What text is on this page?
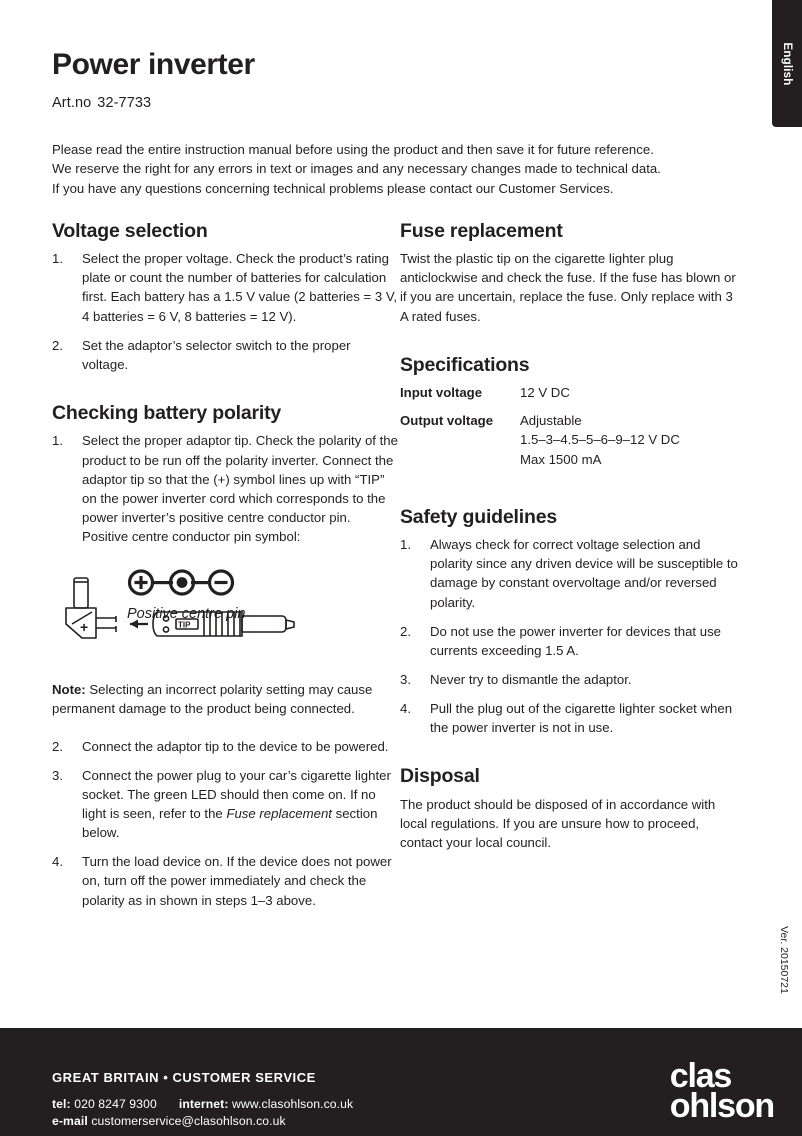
English
Ver. 20150721
Power inverter
Art.no 32-7733

Please read the entire instruction manual before using the product and then save it for future reference.

We reserve the right for any errors in text or images and any necessary changes made to technical data.

If you have any questions concerning technical problems please contact our Customer Services.

Voltage selection
1.	Select the proper voltage. Check the product’s rating plate or count the number of batteries for calculation first. Each battery has a 1.5 V value (2 batteries = 3 V, 4 batteries = 6 V, 8 batteries = 12 V).
2.	Set the adaptor’s selector switch to the proper voltage.
Checking battery polarity
1.	Select the proper adaptor tip. Check the polarity of the product to be run off the polarity inverter. Connect the adaptor tip so that the (+) symbol lines up with “TIP” on the power inverter cord which corresponds to the power inverter’s positive centre conductor pin. Positive centre conductor pin symbol:
Positive centre pin
+	TIP
Note: Selecting an incorrect polarity setting may cause permanent damage to the product being connected.
2.	Connect the adaptor tip to the device to be powered.
3.	Connect the power plug to your car’s cigarette lighter socket. The green LED should then come on. If no light is seen, refer to the Fuse replacement section below.
4.	Turn the load device on. If the device does not power on, turn off the power immediately and check the polarity as in shown in steps 1–3 above.
Fuse replacement
Twist the plastic tip on the cigarette lighter plug anticlockwise and check the fuse. If the fuse has blown or if you are uncertain, replace the fuse. Only replace with 3 A rated fuses.
Specifications
Input voltage	12 V DC

Output voltage	Adjustable
1.5–3–4.5–5–6–9–12 V DC
Max 1500 mA
Safety guidelines
1.	Always check for correct voltage selection and polarity since any driven device will be susceptible to damage by constant overvoltage and/or reversed polarity.
2.	Do not use the power inverter for devices that use currents exceeding 1.5 A.
3.	Never try to dismantle the adaptor.
4.	Pull the plug out of the cigarette lighter socket when the power inverter is not in use.
Disposal
The product should be disposed of in accordance with local regulations. If you are unsure how to proceed, contact your local council.
GREAT BRITAIN • CUSTOMER SERVICE
tel: 020 8247 9300 internet: www.clasohlson.co.uk
e-mail customerservice@clasohlson.co.uk
clas
ohlson
